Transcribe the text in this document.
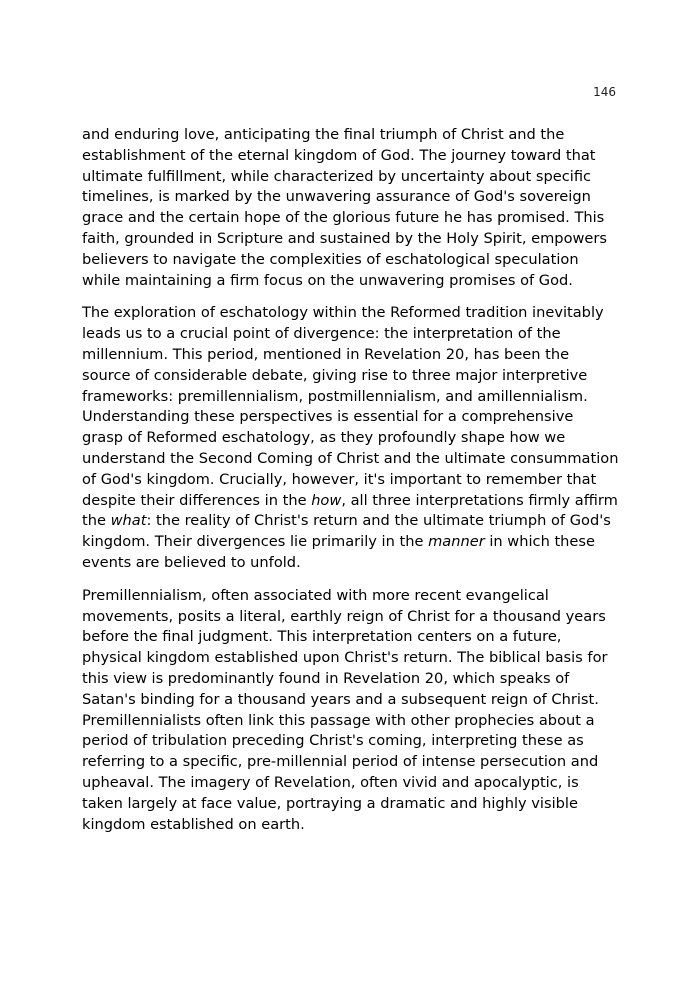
146

and enduring love, anticipating the final triumph of Christ and the establishment of the eternal kingdom of God. The journey toward that ultimate fulfillment, while characterized by uncertainty about specific timelines, is marked by the unwavering assurance of God's sovereign grace and the certain hope of the glorious future he has promised. This faith, grounded in Scripture and sustained by the Holy Spirit, empowers believers to navigate the complexities of eschatological speculation while maintaining a firm focus on the unwavering promises of God.

The exploration of eschatology within the Reformed tradition inevitably leads us to a crucial point of divergence: the interpretation of the millennium. This period, mentioned in Revelation 20, has been the source of considerable debate, giving rise to three major interpretive frameworks: premillennialism, postmillennialism, and amillennialism. Understanding these perspectives is essential for a comprehensive grasp of Reformed eschatology, as they profoundly shape how we understand the Second Coming of Christ and the ultimate consummation of God's kingdom. Crucially, however, it's important to remember that despite their differences in the how, all three interpretations firmly affirm the what: the reality of Christ's return and the ultimate triumph of God's kingdom. Their divergences lie primarily in the manner in which these events are believed to unfold.

Premillennialism, often associated with more recent evangelical movements, posits a literal, earthly reign of Christ for a thousand years before the final judgment. This interpretation centers on a future, physical kingdom established upon Christ's return. The biblical basis for this view is predominantly found in Revelation 20, which speaks of Satan's binding for a thousand years and a subsequent reign of Christ. Premillennialists often link this passage with other prophecies about a period of tribulation preceding Christ's coming, interpreting these as referring to a specific, pre-millennial period of intense persecution and upheaval. The imagery of Revelation, often vivid and apocalyptic, is taken largely at face value, portraying a dramatic and highly visible kingdom established on earth.
